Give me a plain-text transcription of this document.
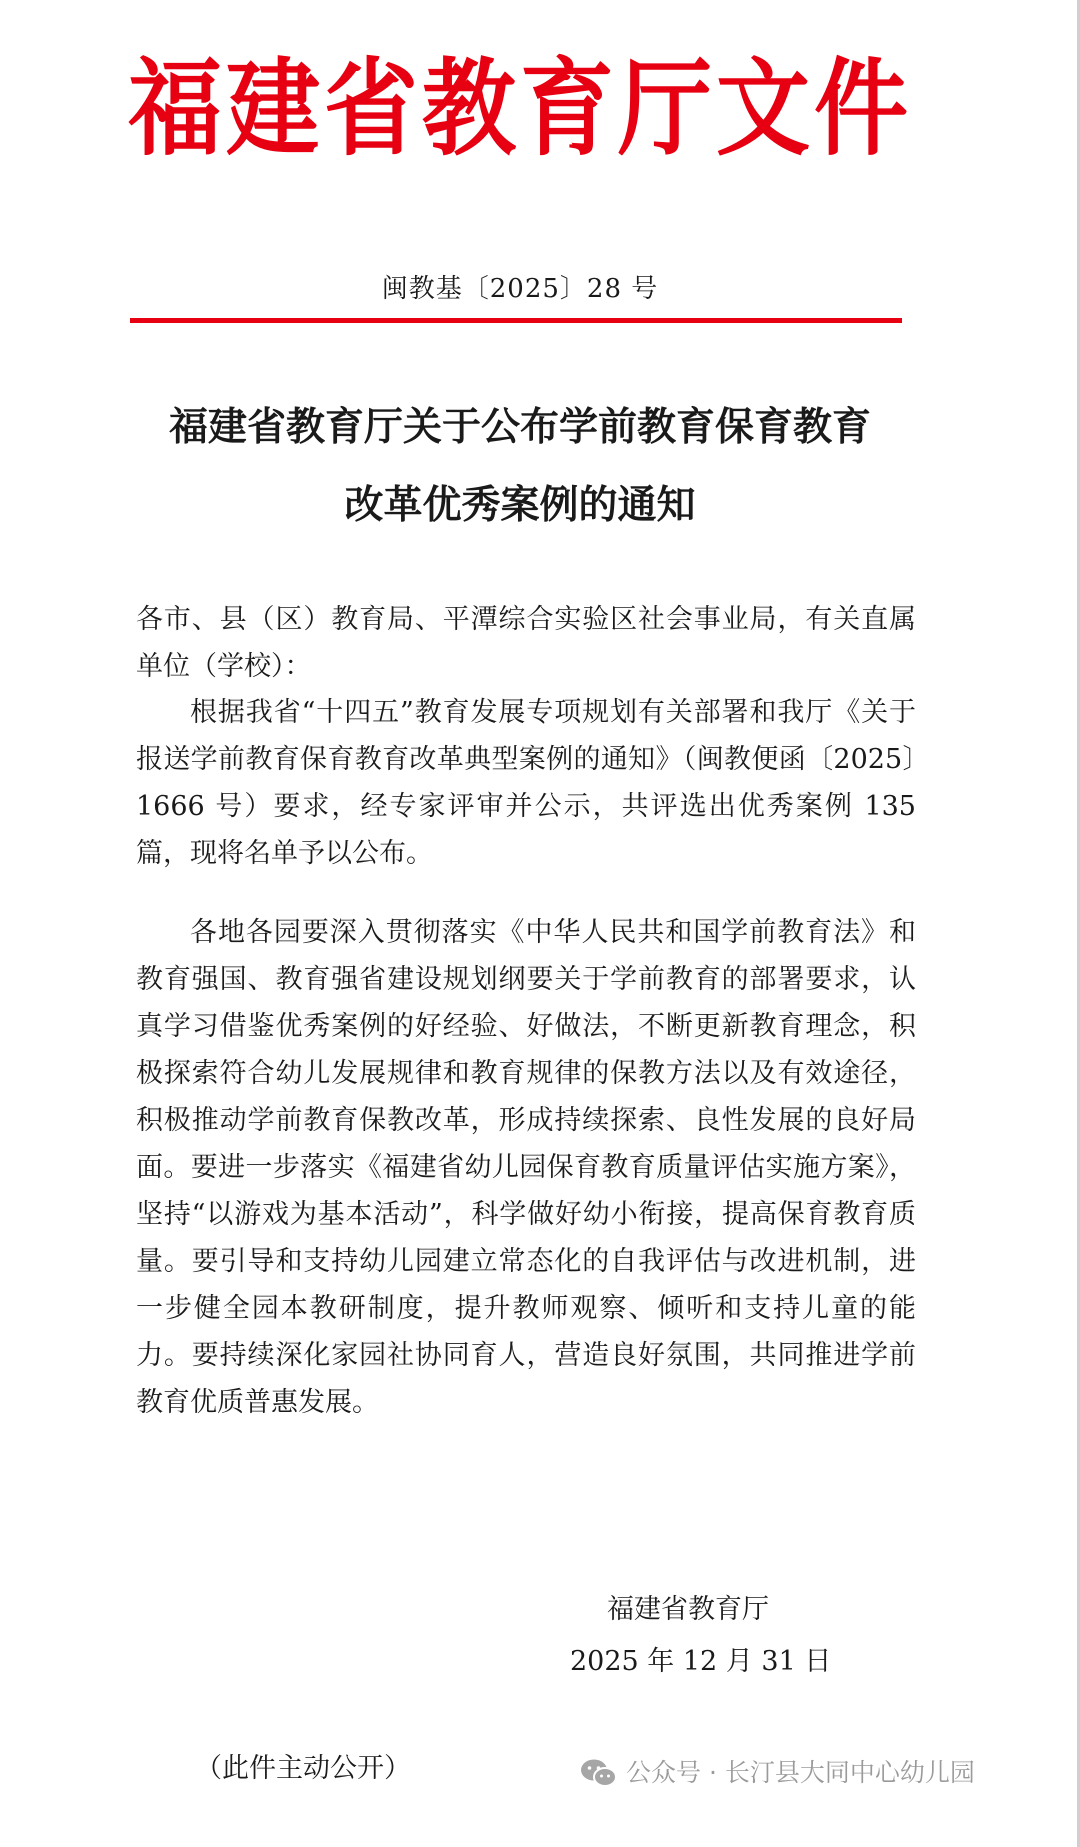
福建省教育厅文件
闽教基〔2025〕28 号
福建省教育厅关于公布学前教育保育教育
改革优秀案例的通知
各市、县（区）教育局、平潭综合实验区社会事业局，有关直属单位（学校）：
根据我省“十四五”教育发展专项规划有关部署和我厅《关于报送学前教育保育教育改革典型案例的通知》（闽教便函〔2025〕1666 号）要求，经专家评审并公示，共评选出优秀案例 135 篇，现将名单予以公布。
各地各园要深入贯彻落实《中华人民共和国学前教育法》和教育强国、教育强省建设规划纲要关于学前教育的部署要求，认真学习借鉴优秀案例的好经验、好做法，不断更新教育理念，积极探索符合幼儿发展规律和教育规律的保教方法以及有效途径，积极推动学前教育保教改革，形成持续探索、良性发展的良好局面。要进一步落实《福建省幼儿园保育教育质量评估实施方案》，坚持“以游戏为基本活动”，科学做好幼小衔接，提高保育教育质量。要引导和支持幼儿园建立常态化的自我评估与改进机制，进一步健全园本教研制度，提升教师观察、倾听和支持儿童的能力。要持续深化家园社协同育人，营造良好氛围，共同推进学前教育优质普惠发展。
福建省教育厅
2025 年 12 月 31 日
（此件主动公开）	公众号 · 长汀县大同中心幼儿园
